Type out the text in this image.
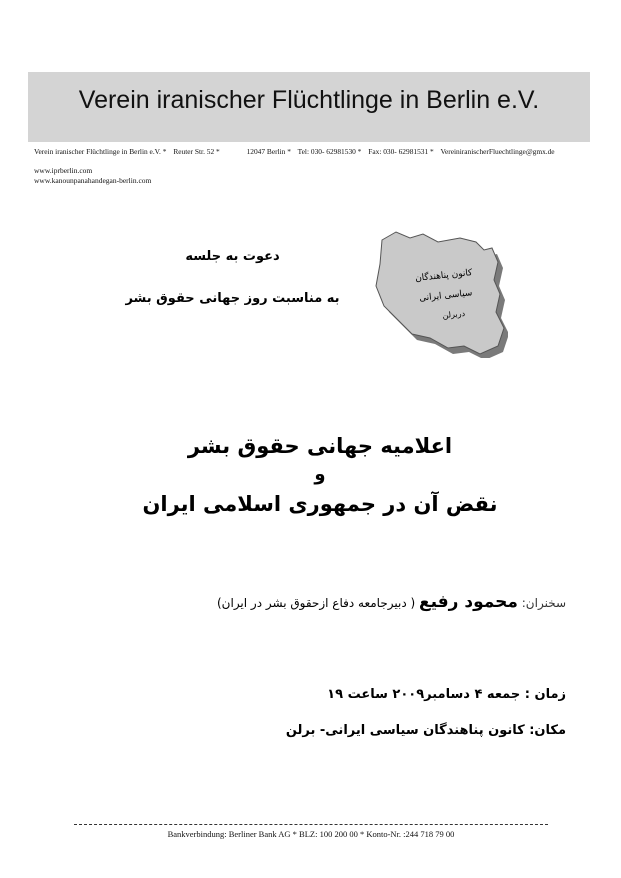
Verein iranischer Flüchtlinge in Berlin e.V.
Verein iranischer Flüchtlinge in Berlin e.V. * Reuter Str. 52 *	12047 Berlin * Tel: 030- 62981530 * Fax: 030- 62981531 * VereiniranischerFluechtlinge@gmx.de
www.iprberlin.com
www.kanounpanahandegan-berlin.com
دعوت به جلسه
به مناسبت روز جهانی حقوق بشر
کانون پناهندگان
سیاسی ایرانی
دربرلن
اعلامیه جهانی حقوق بشر
و
نقض آن در جمهوری اسلامی ایران
سخنران: محمود رفیع ( دبیرجامعه دفاع ازحقوق بشر در ایران)
زمان : جمعه ۴ دسامبر۲۰۰۹ ساعت ۱۹
مکان: کانون پناهندگان سیاسی ایرانی- برلن
Bankverbindung: Berliner Bank AG * BLZ: 100 200 00 * Konto-Nr. :244 718 79 00
